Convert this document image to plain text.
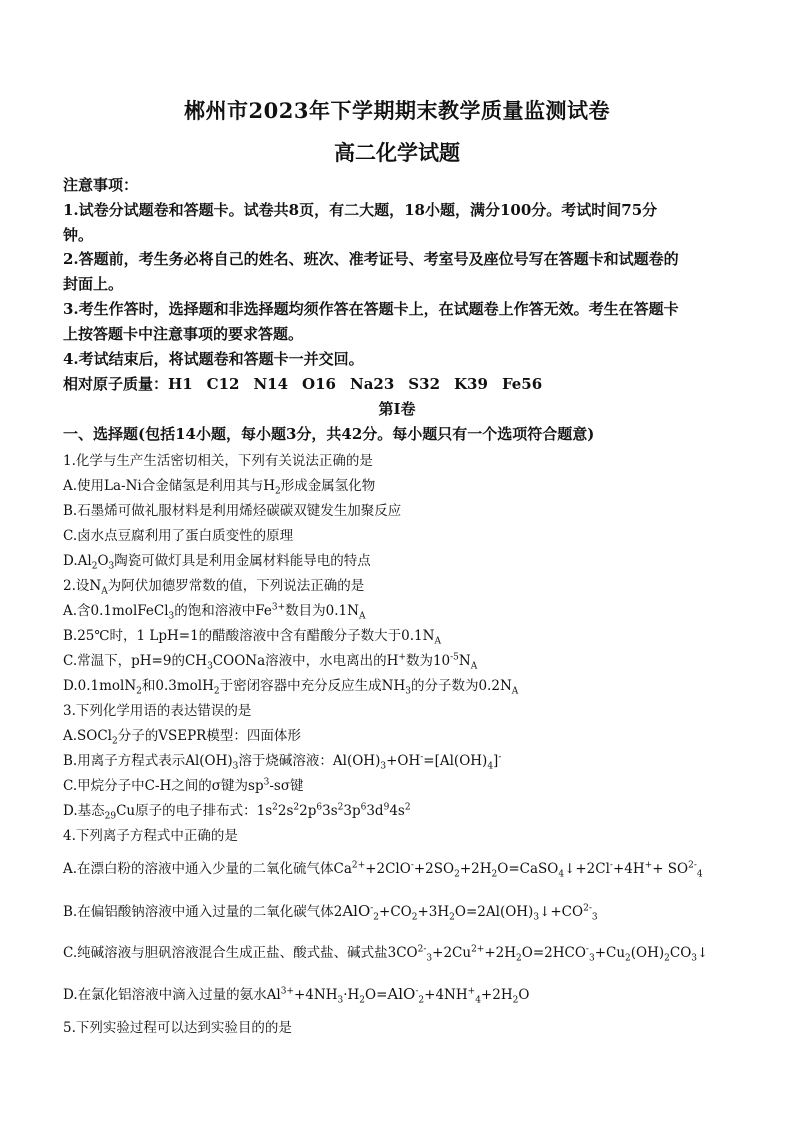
郴州市2023年下学期期末教学质量监测试卷
高二化学试题
注意事项：
1.试卷分试题卷和答题卡。试卷共8页，有二大题，18小题，满分100分。考试时间75分
钟。
2.答题前，考生务必将自己的姓名、班次、准考证号、考室号及座位号写在答题卡和试题卷的
封面上。
3.考生作答时，选择题和非选择题均须作答在答题卡上，在试题卷上作答无效。考生在答题卡
上按答题卡中注意事项的要求答题。
4.考试结束后，将试题卷和答题卡一并交回。
相对原子质量：H1 C12 N14 O16 Na23 S32 K39 Fe56
第Ⅰ卷
一、选择题(包括14小题，每小题3分，共42分。每小题只有一个选项符合题意)
1.化学与生产生活密切相关，下列有关说法正确的是
A.使用La-Ni合金储氢是利用其与$H_2$形成金属氢化物
B.石墨烯可做礼服材料是利用烯烃碳碳双键发生加聚反应
C.卤水点豆腐利用了蛋白质变性的原理
$D.Al_2O_3$陶瓷可做灯具是利用金属材料能导电的特点
2.设$N_A$为阿伏加德罗常数的值，下列说法正确的是
A.含0.1molFeCl$_3$的饱和溶液中$Fe^{3+}$数目为$0.1N_A$
B.25℃时，1 LpH=1的醋酸溶液中含有醋酸分子数大于$0.1N_A$
C.常温下，pH=9的$CH_3COONa$溶液中，水电离出的H+数为$10^{-5}N_A$
D.0.1molN$_2$和0.3molH$_2$于密闭容器中充分反应生成$NH_3$的分子数为$0.2N_A$
3.下列化学用语的表达错误的是
A.SOCl$_2$分子的VSEPR模型：四面体形
B.用离子方程式表示$Al(OH)_3$溶于烧碱溶液：$Al(OH)_3+OH^-=[Al(OH)_4]^-$
C.甲烷分子中C-H之间的σ键为$sp^3-s\sigma$键
D.基态$_{29}$Cu原子的电子排布式：$1s^22s^22p^63s^23p^63d^94s^2$
4.下列离子方程式中正确的是
A.在漂白粉的溶液中通入少量的二氧化硫气体$Ca^{2+}+2ClO^-+2SO_2+2H_2O=CaSO_4↓+2Cl^-+4H^++ SO^{2-}_4$
B.在偏铝酸钠溶液中通入过量的二氧化碳气体$2AlO^-_2+CO_2+3H_2O=2Al(OH)_3↓+CO^{2-}_3$
C.纯碱溶液与胆矾溶液混合生成正盐、酸式盐、碱式盐$3CO^{2-}_3+2Cu^{2+}+2H_2O=2HCO^-_3+Cu_2(OH)_2CO_3↓$
D.在氯化铝溶液中滴入过量的氨水$Al^{3+}+4NH_3\cdot H_2O=AlO^-_2+4NH^+_4+2H_2O$
5.下列实验过程可以达到实验目的的是
